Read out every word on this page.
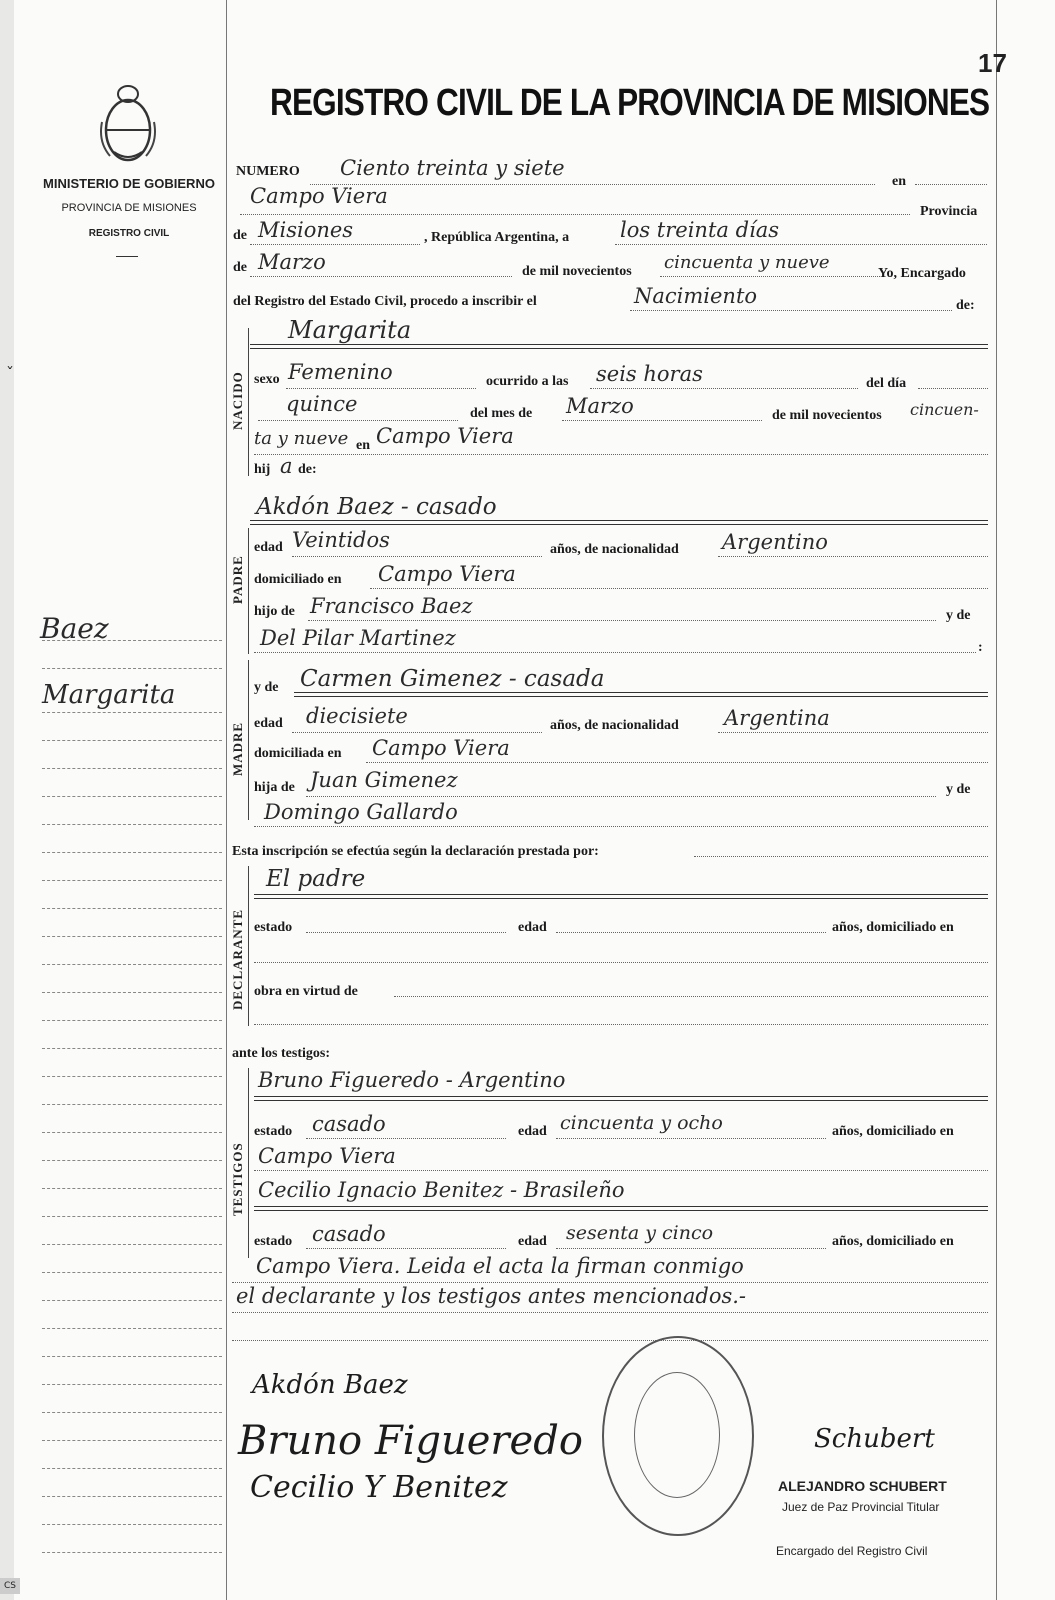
17
MINISTERIO DE GOBIERNO
PROVINCIA DE MISIONES
REGISTRO CIVIL
ˇ
Baez
Margarita
REGISTRO CIVIL DE LA PROVINCIA DE MISIONES
NUMERO Ciento treinta y siete
en
Campo Viera
Provincia
de Misiones	, República Argentina, a los treinta días
de Marzo	de mil novecientos cincuenta y nueve
Yo, Encargado
del Registro del Estado Civil, procedo a inscribir el	Nacimiento	de:
Margarita
NACIDO sexo Femenino	ocurrido a las seis horas	del día
quince	del mes de Marzo	de mil novecientos cincuen-
ta y nueve en Campo Viera
hij a de:
Akdón Baez - casado
PADRE
edad Veintidos	años, de nacionalidad Argentino
domiciliado en Campo Viera
hijo de Francisco Baez	y de
Del Pilar Martinez	:
y de Carmen Gimenez - casada
MADRE edad diecisiete	años, de nacionalidad Argentina
domiciliada en Campo Viera
hija de Juan Gimenez	y de
Domingo Gallardo
Esta inscripción se efectúa según la declaración prestada por:
DECLARANTE
El padre
estado	edad	años, domiciliado en
obra en virtud de
ante los testigos:
TESTIGOS
Bruno Figueredo - Argentino
estado casado	edad cincuenta y ocho	años, domiciliado en
Campo Viera
Cecilio Ignacio Benitez - Brasileño
estado casado	edad sesenta y cinco	años, domiciliado en
Campo Viera. Leida el acta la firman conmigo
el declarante y los testigos antes mencionados.-
Akdón Baez
Bruno Figueredo
Cecilio Y Benitez
Schubert
ALEJANDRO SCHUBERT
Juez de Paz Provincial Titular
Encargado del Registro Civil
CS
